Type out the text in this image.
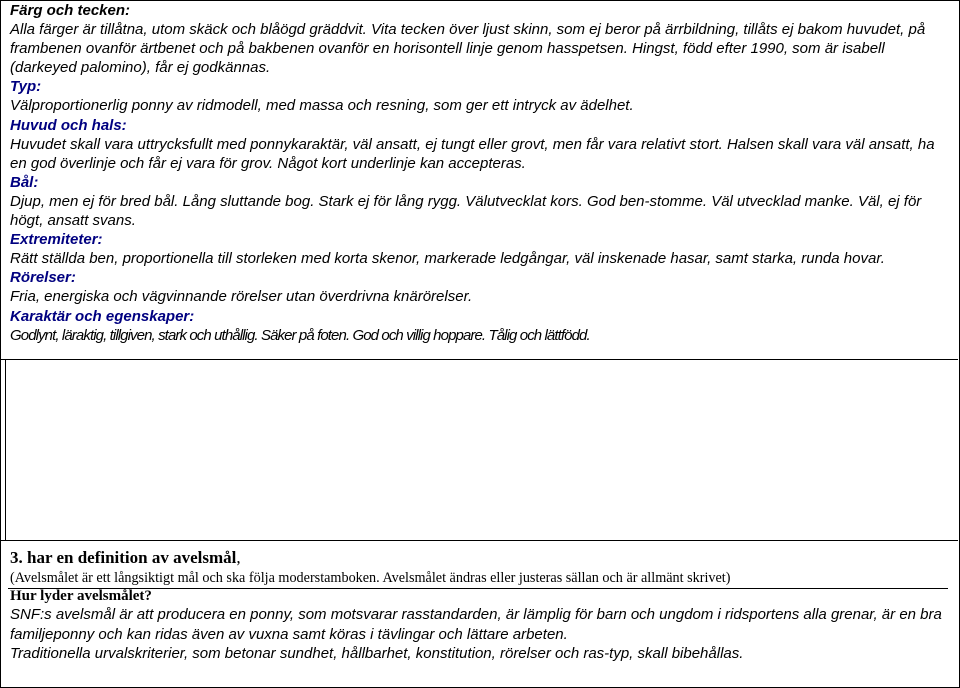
Färg och tecken:

Alla färger är tillåtna, utom skäck och blåögd gräddvit. Vita tecken över ljust skinn, som ej beror på ärrbildning, tillåts ej bakom huvudet, på frambenen ovanför ärtbenet och på bakbenen ovanför en horisontell linje genom hasspetsen. Hingst, född efter 1990, som är isabell (darkeyed palomino), får ej godkännas.

Typ:

Välproportionerlig ponny av ridmodell, med massa och resning, som ger ett intryck av ädelhet.

Huvud och hals:

Huvudet skall vara uttrycksfullt med ponnykaraktär, väl ansatt, ej tungt eller grovt, men får vara relativt stort. Halsen skall vara väl ansatt, ha en god överlinje och får ej vara för grov. Något kort underlinje kan accepteras.

Bål:

Djup, men ej för bred bål. Lång sluttande bog. Stark ej för lång rygg. Välutvecklat kors. God ben-stomme. Väl utvecklad manke. Väl, ej för högt, ansatt svans.

Extremiteter:

Rätt ställda ben, proportionella till storleken med korta skenor, markerade ledgångar, väl inskenade hasar, samt starka, runda hovar.

Rörelser:

Fria, energiska och vägvinnande rörelser utan överdrivna knärörelser.

Karaktär och egenskaper:

Godlynt, läraktig, tillgiven, stark och uthållig. Säker på foten. God och villig hoppare. Tålig och lättfödd.

3. har en definition av avelsmål,

(Avelsmålet är ett långsiktigt mål och ska följa moderstamboken. Avelsmålet ändras eller justeras sällan och är allmänt skrivet)

Hur lyder avelsmålet?

SNF:s avelsmål är att producera en ponny, som motsvarar rasstandarden, är lämplig för barn och ungdom i ridsportens alla grenar, är en bra familjeponny och kan ridas även av vuxna samt köras i tävlingar och lättare arbeten.

Traditionella urvalskriterier, som betonar sundhet, hållbarhet, konstitution, rörelser och ras-typ, skall bibehållas.
